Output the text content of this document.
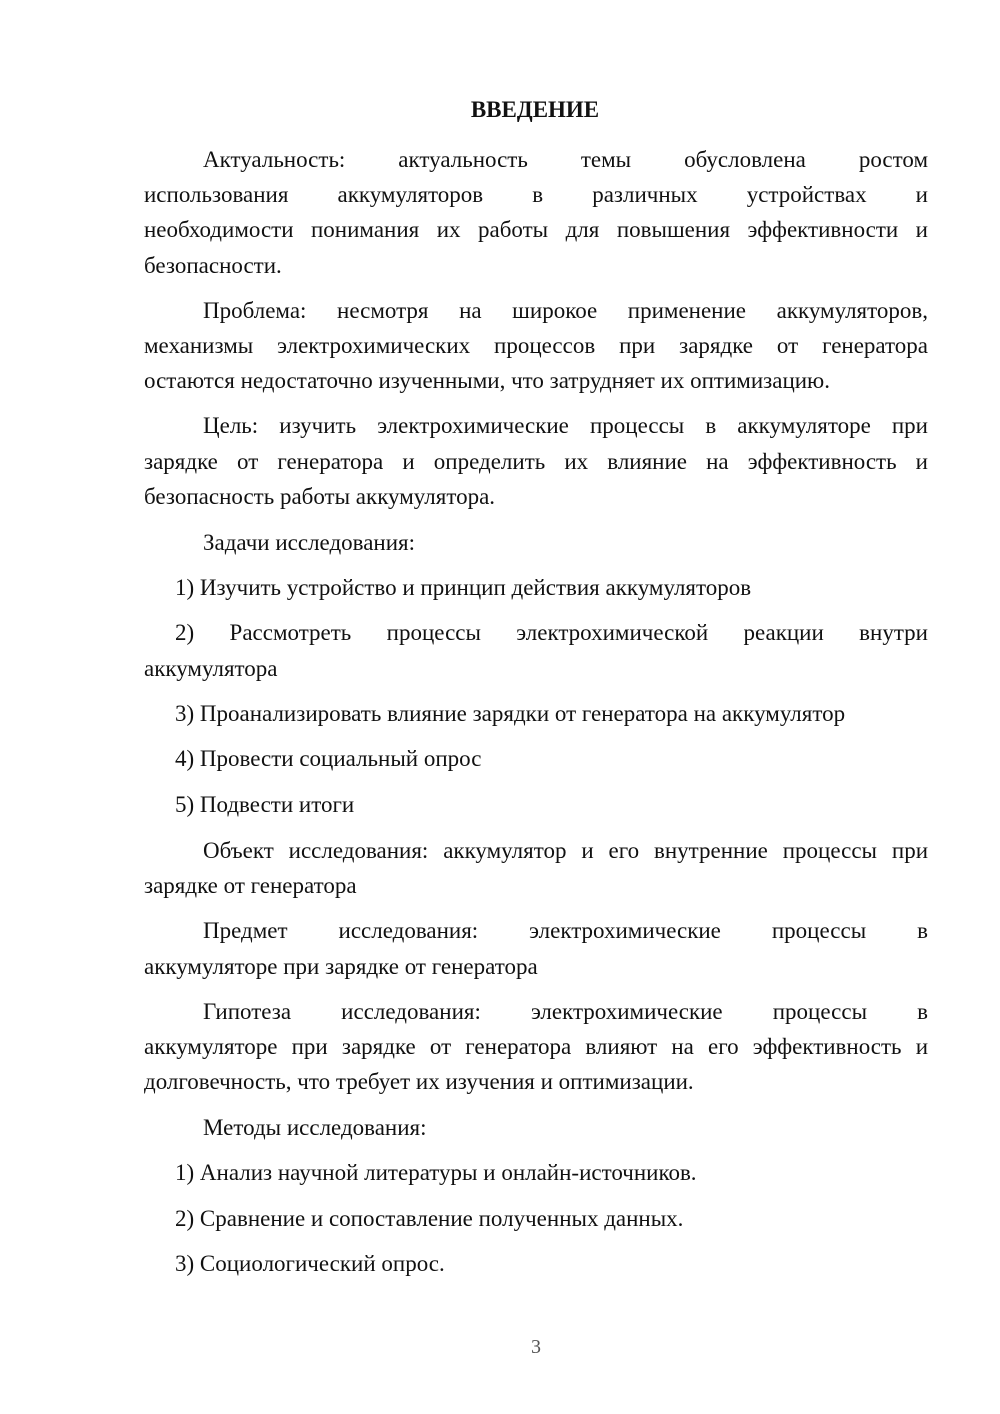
ВВЕДЕНИЕ

Актуальность: актуальность темы обусловлена ростом

использования аккумуляторов в различных устройствах и

необходимости понимания их работы для повышения эффективности и

безопасности.

Проблема: несмотря на широкое применение аккумуляторов,

механизмы электрохимических процессов при зарядке от генератора

остаются недостаточно изученными, что затрудняет их оптимизацию.

Цель: изучить электрохимические процессы в аккумуляторе при

зарядке от генератора и определить их влияние на эффективность и

безопасность работы аккумулятора.

Задачи исследования:

1) Изучить устройство и принцип действия аккумуляторов

2) Рассмотреть процессы электрохимической реакции внутри

аккумулятора

3) Проанализировать влияние зарядки от генератора на аккумулятор

4) Провести социальный опрос

5) Подвести итоги

Объект исследования: аккумулятор и его внутренние процессы при

зарядке от генератора

Предмет исследования: электрохимические процессы в

аккумуляторе при зарядке от генератора

Гипотеза исследования: электрохимические процессы в

аккумуляторе при зарядке от генератора влияют на его эффективность и

долговечность, что требует их изучения и оптимизации.

Методы исследования:

1) Анализ научной литературы и онлайн-источников.

2) Сравнение и сопоставление полученных данных.

3) Социологический опрос.

3
